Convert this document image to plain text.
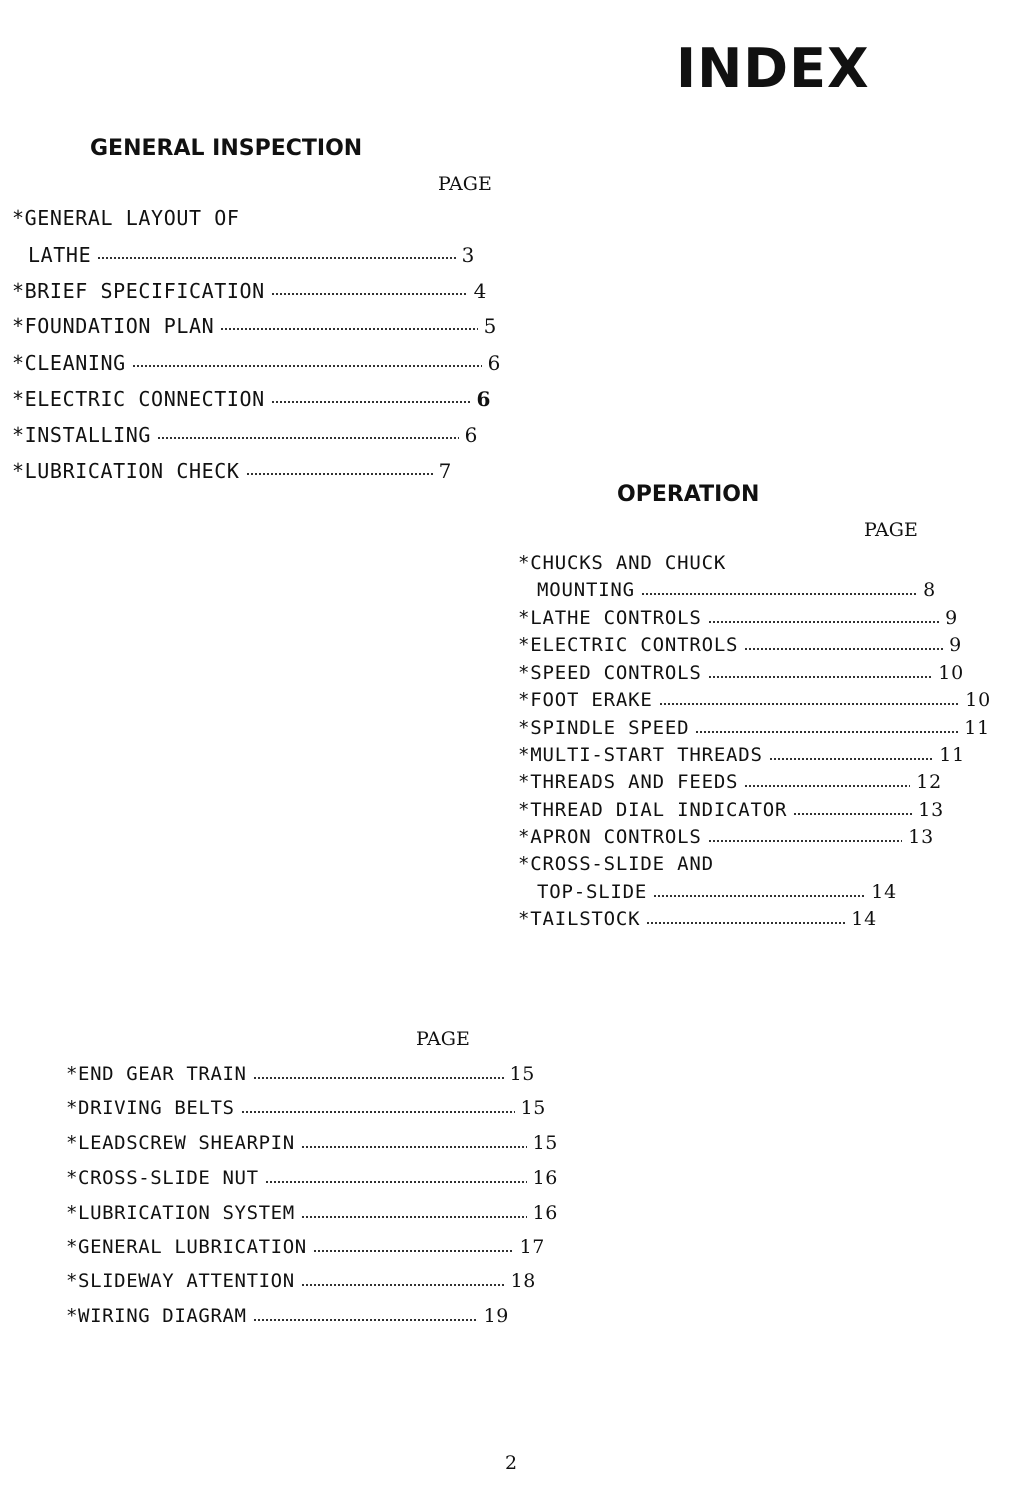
INDEX
GENERAL INSPECTION
PAGE
*GENERAL LAYOUT OF
LATHE	3
*BRIEF SPECIFICATION	4
*FOUNDATION PLAN	5
*CLEANING	6
*ELECTRIC CONNECTION	6
*INSTALLING	6
*LUBRICATION CHECK	7
OPERATION
PAGE
*CHUCKS AND CHUCK
MOUNTING	8
*LATHE CONTROLS	9
*ELECTRIC CONTROLS	9
*SPEED CONTROLS	10
*FOOT ERAKE	10
*SPINDLE SPEED	11
*MULTI-START THREADS	11
*THREADS AND FEEDS	12
*THREAD DIAL INDICATOR	13
*APRON CONTROLS	13
*CROSS-SLIDE AND
TOP-SLIDE	14
*TAILSTOCK	14
PAGE
*END GEAR TRAIN	15
*DRIVING BELTS	15
*LEADSCREW SHEARPIN	15
*CROSS-SLIDE NUT	16
*LUBRICATION SYSTEM	16
*GENERAL LUBRICATION	17
*SLIDEWAY ATTENTION	18
*WIRING DIAGRAM	19
2
